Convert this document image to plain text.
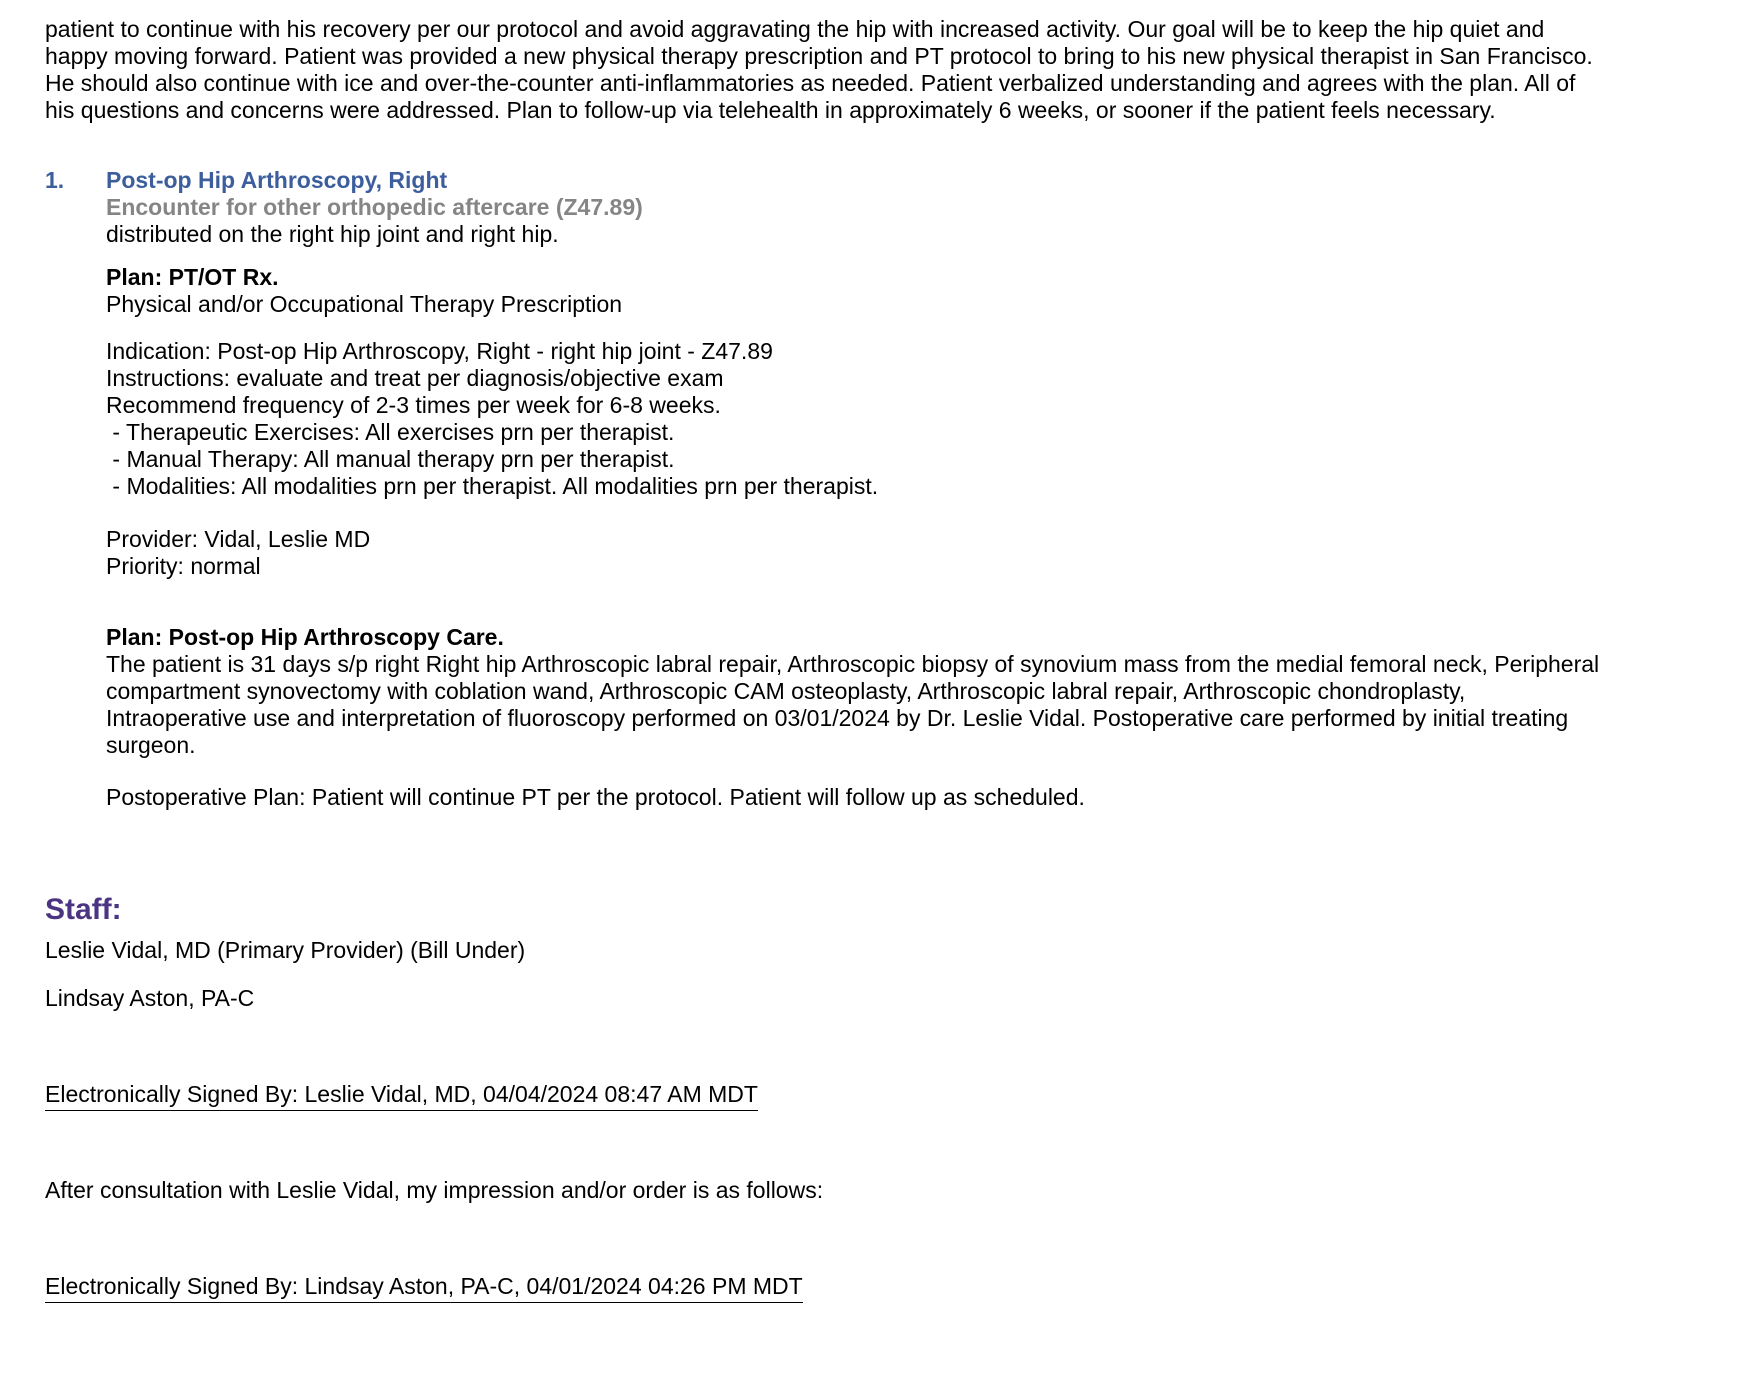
patient to continue with his recovery per our protocol and avoid aggravating the hip with increased activity. Our goal will be to keep the hip quiet and
happy moving forward. Patient was provided a new physical therapy prescription and PT protocol to bring to his new physical therapist in San Francisco.
He should also continue with ice and over-the-counter anti-inflammatories as needed. Patient verbalized understanding and agrees with the plan. All of
his questions and concerns were addressed. Plan to follow-up via telehealth in approximately 6 weeks, or sooner if the patient feels necessary.
1. Post-op Hip Arthroscopy, Right
Encounter for other orthopedic aftercare (Z47.89)
distributed on the right hip joint and right hip.
Plan: PT/OT Rx.
Physical and/or Occupational Therapy Prescription
Indication: Post-op Hip Arthroscopy, Right - right hip joint - Z47.89
Instructions: evaluate and treat per diagnosis/objective exam
Recommend frequency of 2-3 times per week for 6-8 weeks.
- Therapeutic Exercises: All exercises prn per therapist.
- Manual Therapy: All manual therapy prn per therapist.
- Modalities: All modalities prn per therapist. All modalities prn per therapist.
Provider: Vidal, Leslie MD
Priority: normal
Plan: Post-op Hip Arthroscopy Care.
The patient is 31 days s/p right Right hip Arthroscopic labral repair, Arthroscopic biopsy of synovium mass from the medial femoral neck, Peripheral
compartment synovectomy with coblation wand, Arthroscopic CAM osteoplasty, Arthroscopic labral repair, Arthroscopic chondroplasty,
Intraoperative use and interpretation of fluoroscopy performed on 03/01/2024 by Dr. Leslie Vidal. Postoperative care performed by initial treating
surgeon.
Postoperative Plan: Patient will continue PT per the protocol. Patient will follow up as scheduled.
Staff:
Leslie Vidal, MD (Primary Provider) (Bill Under)
Lindsay Aston, PA-C
Electronically Signed By: Leslie Vidal, MD, 04/04/2024 08:47 AM MDT
After consultation with Leslie Vidal, my impression and/or order is as follows:
Electronically Signed By: Lindsay Aston, PA-C, 04/01/2024 04:26 PM MDT
